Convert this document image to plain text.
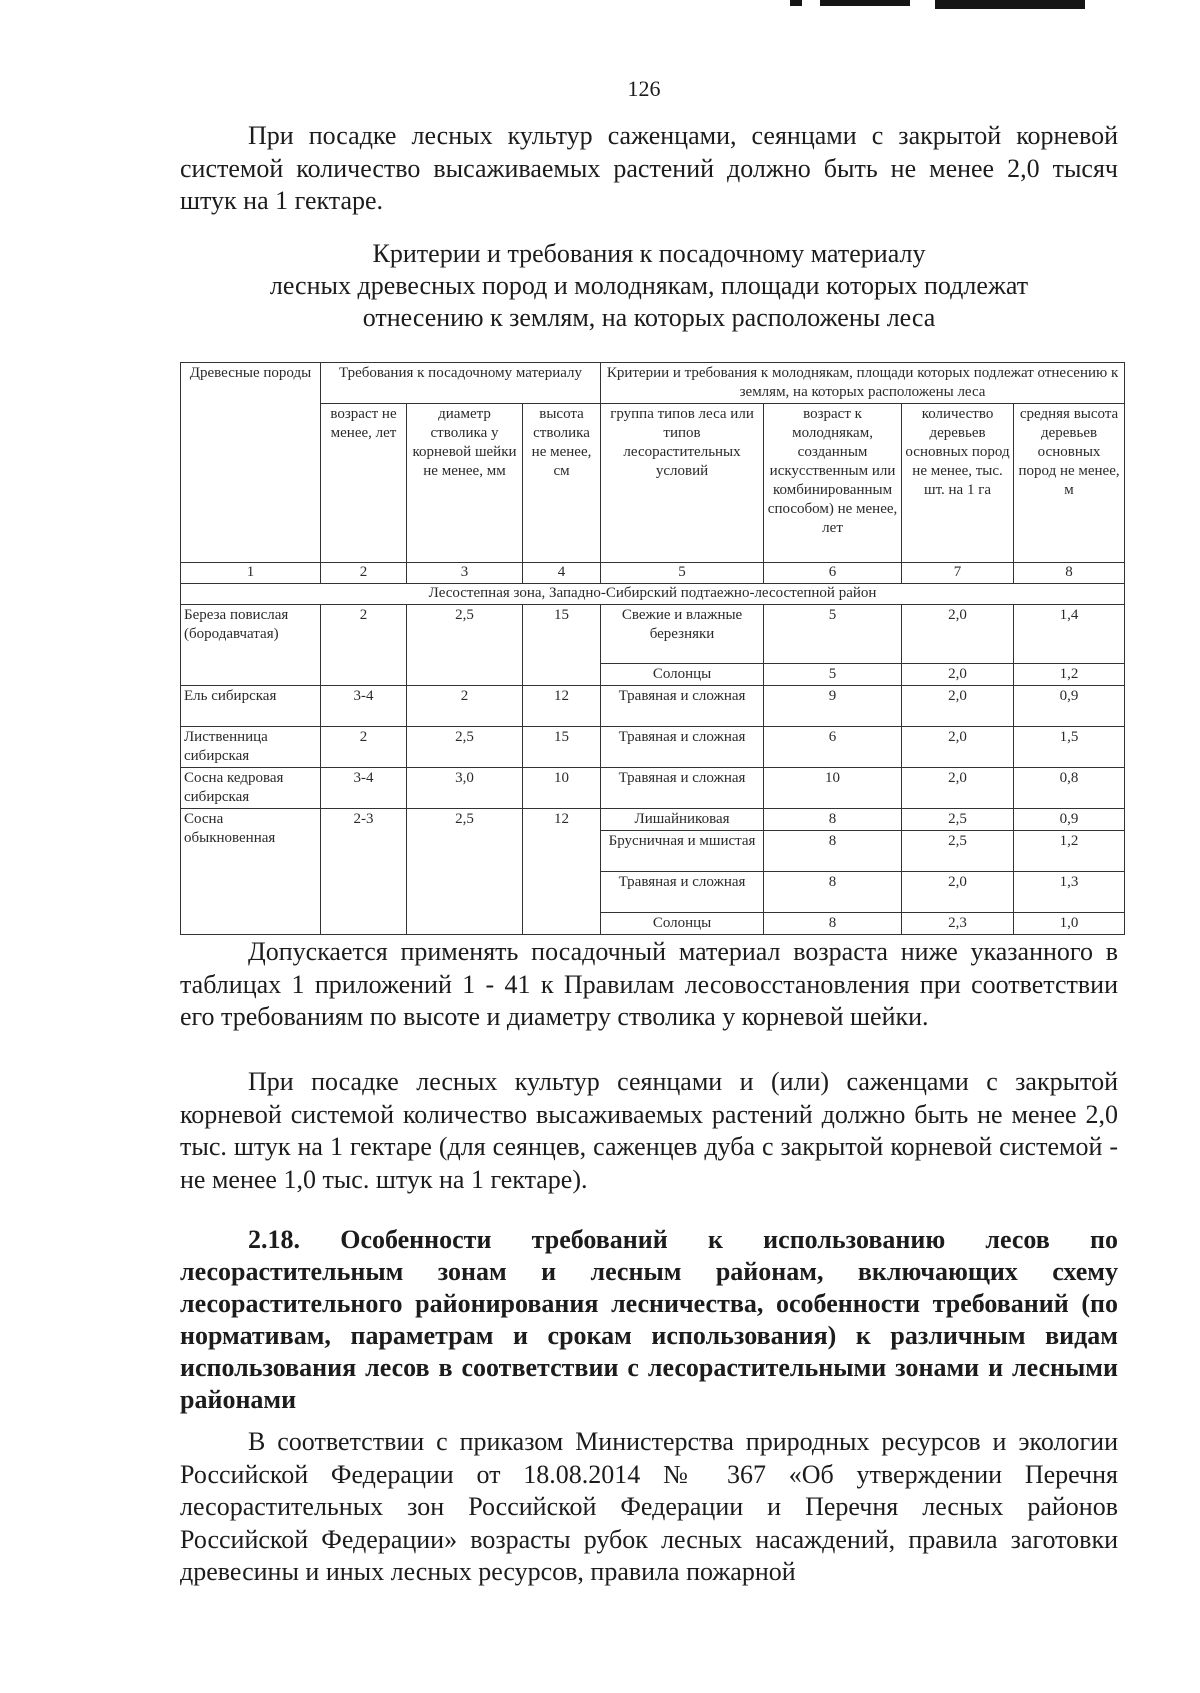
126

При посадке лесных культур саженцами, сеянцами с закрытой корневой системой количество высаживаемых растений должно быть не менее 2,0 тысяч штук на 1 гектаре.

Критерии и требования к посадочному материалу
лесных древесных пород и молоднякам, площади которых подлежат
отнесению к землям, на которых расположены леса
Древесные породы	Требования к посадочному материалу			Критерии и требования к молоднякам, площади которых подлежат отнесению к землям, на которых расположены леса			
	возраст не менее, лет	диаметр стволика у корневой шейки не менее, мм	высота стволика не менее, см	группа типов леса или типов лесорастительных условий	возраст к молоднякам, созданным искусственным или комбинированным способом) не менее, лет	количество деревьев основных пород не менее, тыс. шт. на 1 га	средняя высота деревьев основных пород не менее, м
1	2	3	4	5	6	7	8
Лесостепная зона, Западно-Сибирский подтаежно-лесостепной район							
Береза повислая (бородавчатая)	2	2,5	15	Свежие и влажные березняки	5	2,0	1,4
				Солонцы	5	2,0	1,2
Ель сибирская	3-4	2	12	Травяная и сложная	9	2,0	0,9
Лиственница сибирская	2	2,5	15	Травяная и сложная	6	2,0	1,5
Сосна кедровая сибирская	3-4	3,0	10	Травяная и сложная	10	2,0	0,8
Сосна обыкновенная	2-3	2,5	12	Лишайниковая	8	2,5	0,9
				Брусничная и мшистая	8	2,5	1,2
				Травяная и сложная	8	2,0	1,3
				Солонцы	8	2,3	1,0

Допускается применять посадочный материал возраста ниже указанного в таблицах 1 приложений 1 - 41 к Правилам лесовосстановления при соответствии его требованиям по высоте и диаметру стволика у корневой шейки.

При посадке лесных культур сеянцами и (или) саженцами с закрытой корневой системой количество высаживаемых растений должно быть не менее 2,0 тыс. штук на 1 гектаре (для сеянцев, саженцев дуба с закрытой корневой системой - не менее 1,0 тыс. штук на 1 гектаре).

2.18. Особенности требований к использованию лесов по лесорастительным зонам и лесным районам, включающих схему лесорастительного районирования лесничества, особенности требований (по нормативам, параметрам и срокам использования) к различным видам использования лесов в соответствии с лесорастительными зонами и лесными районами

В соответствии с приказом Министерства природных ресурсов и экологии Российской Федерации от 18.08.2014 № 367 «Об утверждении Перечня лесорастительных зон Российской Федерации и Перечня лесных районов Российской Федерации» возрасты рубок лесных насаждений, правила заготовки древесины и иных лесных ресурсов, правила пожарной
